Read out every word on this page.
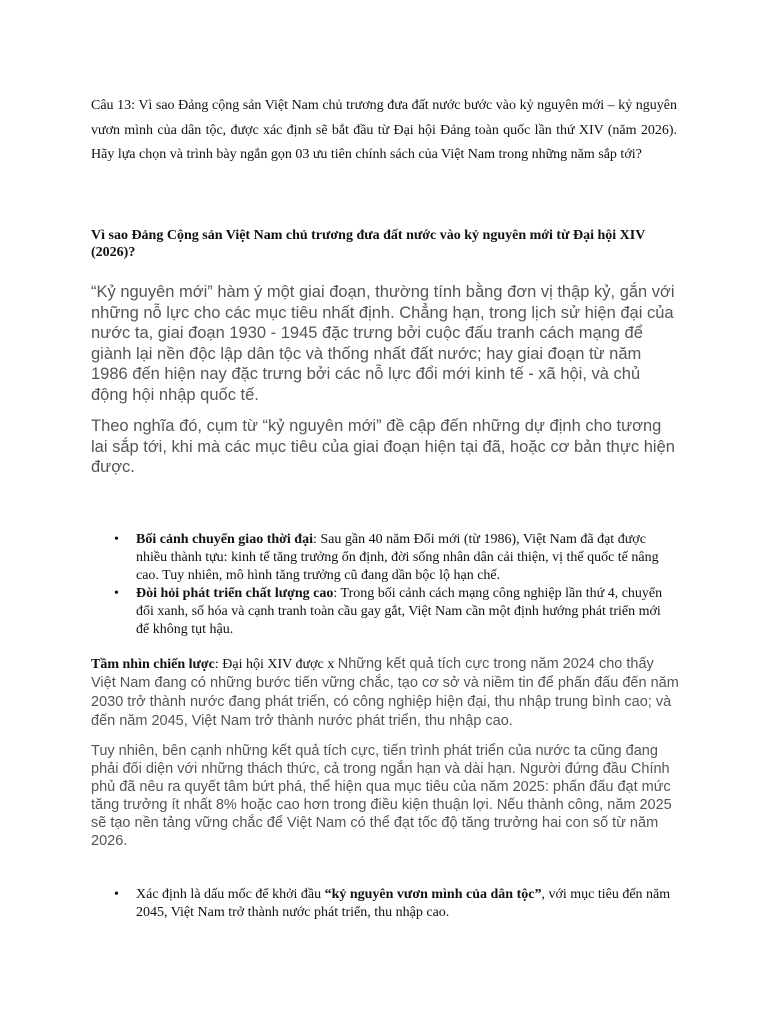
Câu 13: Vì sao Đảng cộng sản Việt Nam chủ trương đưa đất nước bước vào kỷ nguyên mới – kỷ nguyên vươn mình của dân tộc, được xác định sẽ bắt đầu từ Đại hội Đảng toàn quốc lần thứ XIV (năm 2026). Hãy lựa chọn và trình bày ngắn gọn 03 ưu tiên chính sách của Việt Nam trong những năm sắp tới?

Vì sao Đảng Cộng sản Việt Nam chủ trương đưa đất nước vào kỷ nguyên mới từ Đại hội XIV (2026)?

“Kỷ nguyên mới” hàm ý một giai đoạn, thường tính bằng đơn vị thập kỷ, gắn với những nỗ lực cho các mục tiêu nhất định. Chẳng hạn, trong lịch sử hiện đại của nước ta, giai đoạn 1930 - 1945 đặc trưng bởi cuộc đấu tranh cách mạng để giành lại nền độc lập dân tộc và thống nhất đất nước; hay giai đoạn từ năm 1986 đến hiện nay đặc trưng bởi các nỗ lực đổi mới kinh tế - xã hội, và chủ động hội nhập quốc tế.

Theo nghĩa đó, cụm từ “kỷ nguyên mới” đề cập đến những dự định cho tương lai sắp tới, khi mà các mục tiêu của giai đoạn hiện tại đã, hoặc cơ bản thực hiện được.

• Bối cảnh chuyển giao thời đại: Sau gần 40 năm Đổi mới (từ 1986), Việt Nam đã đạt được nhiều thành tựu: kinh tế tăng trưởng ổn định, đời sống nhân dân cải thiện, vị thế quốc tế nâng cao. Tuy nhiên, mô hình tăng trưởng cũ đang dần bộc lộ hạn chế.
• Đòi hỏi phát triển chất lượng cao: Trong bối cảnh cách mạng công nghiệp lần thứ 4, chuyển đổi xanh, số hóa và cạnh tranh toàn cầu gay gắt, Việt Nam cần một định hướng phát triển mới để không tụt hậu.

Tầm nhìn chiến lược: Đại hội XIV được x Những kết quả tích cực trong năm 2024 cho thấy Việt Nam đang có những bước tiến vững chắc, tạo cơ sở và niềm tin để phấn đấu đến năm 2030 trở thành nước đang phát triển, có công nghiệp hiện đại, thu nhập trung bình cao; và đến năm 2045, Việt Nam trở thành nước phát triển, thu nhập cao.

Tuy nhiên, bên cạnh những kết quả tích cực, tiến trình phát triển của nước ta cũng đang phải đối diện với những thách thức, cả trong ngắn hạn và dài hạn. Người đứng đầu Chính phủ đã nêu ra quyết tâm bứt phá, thể hiện qua mục tiêu của năm 2025: phấn đấu đạt mức tăng trưởng ít nhất 8% hoặc cao hơn trong điều kiện thuận lợi. Nếu thành công, năm 2025 sẽ tạo nền tảng vững chắc để Việt Nam có thể đạt tốc độ tăng trưởng hai con số từ năm 2026.

• Xác định là dấu mốc để khởi đầu “kỷ nguyên vươn mình của dân tộc”, với mục tiêu đến năm 2045, Việt Nam trở thành nước phát triển, thu nhập cao.
